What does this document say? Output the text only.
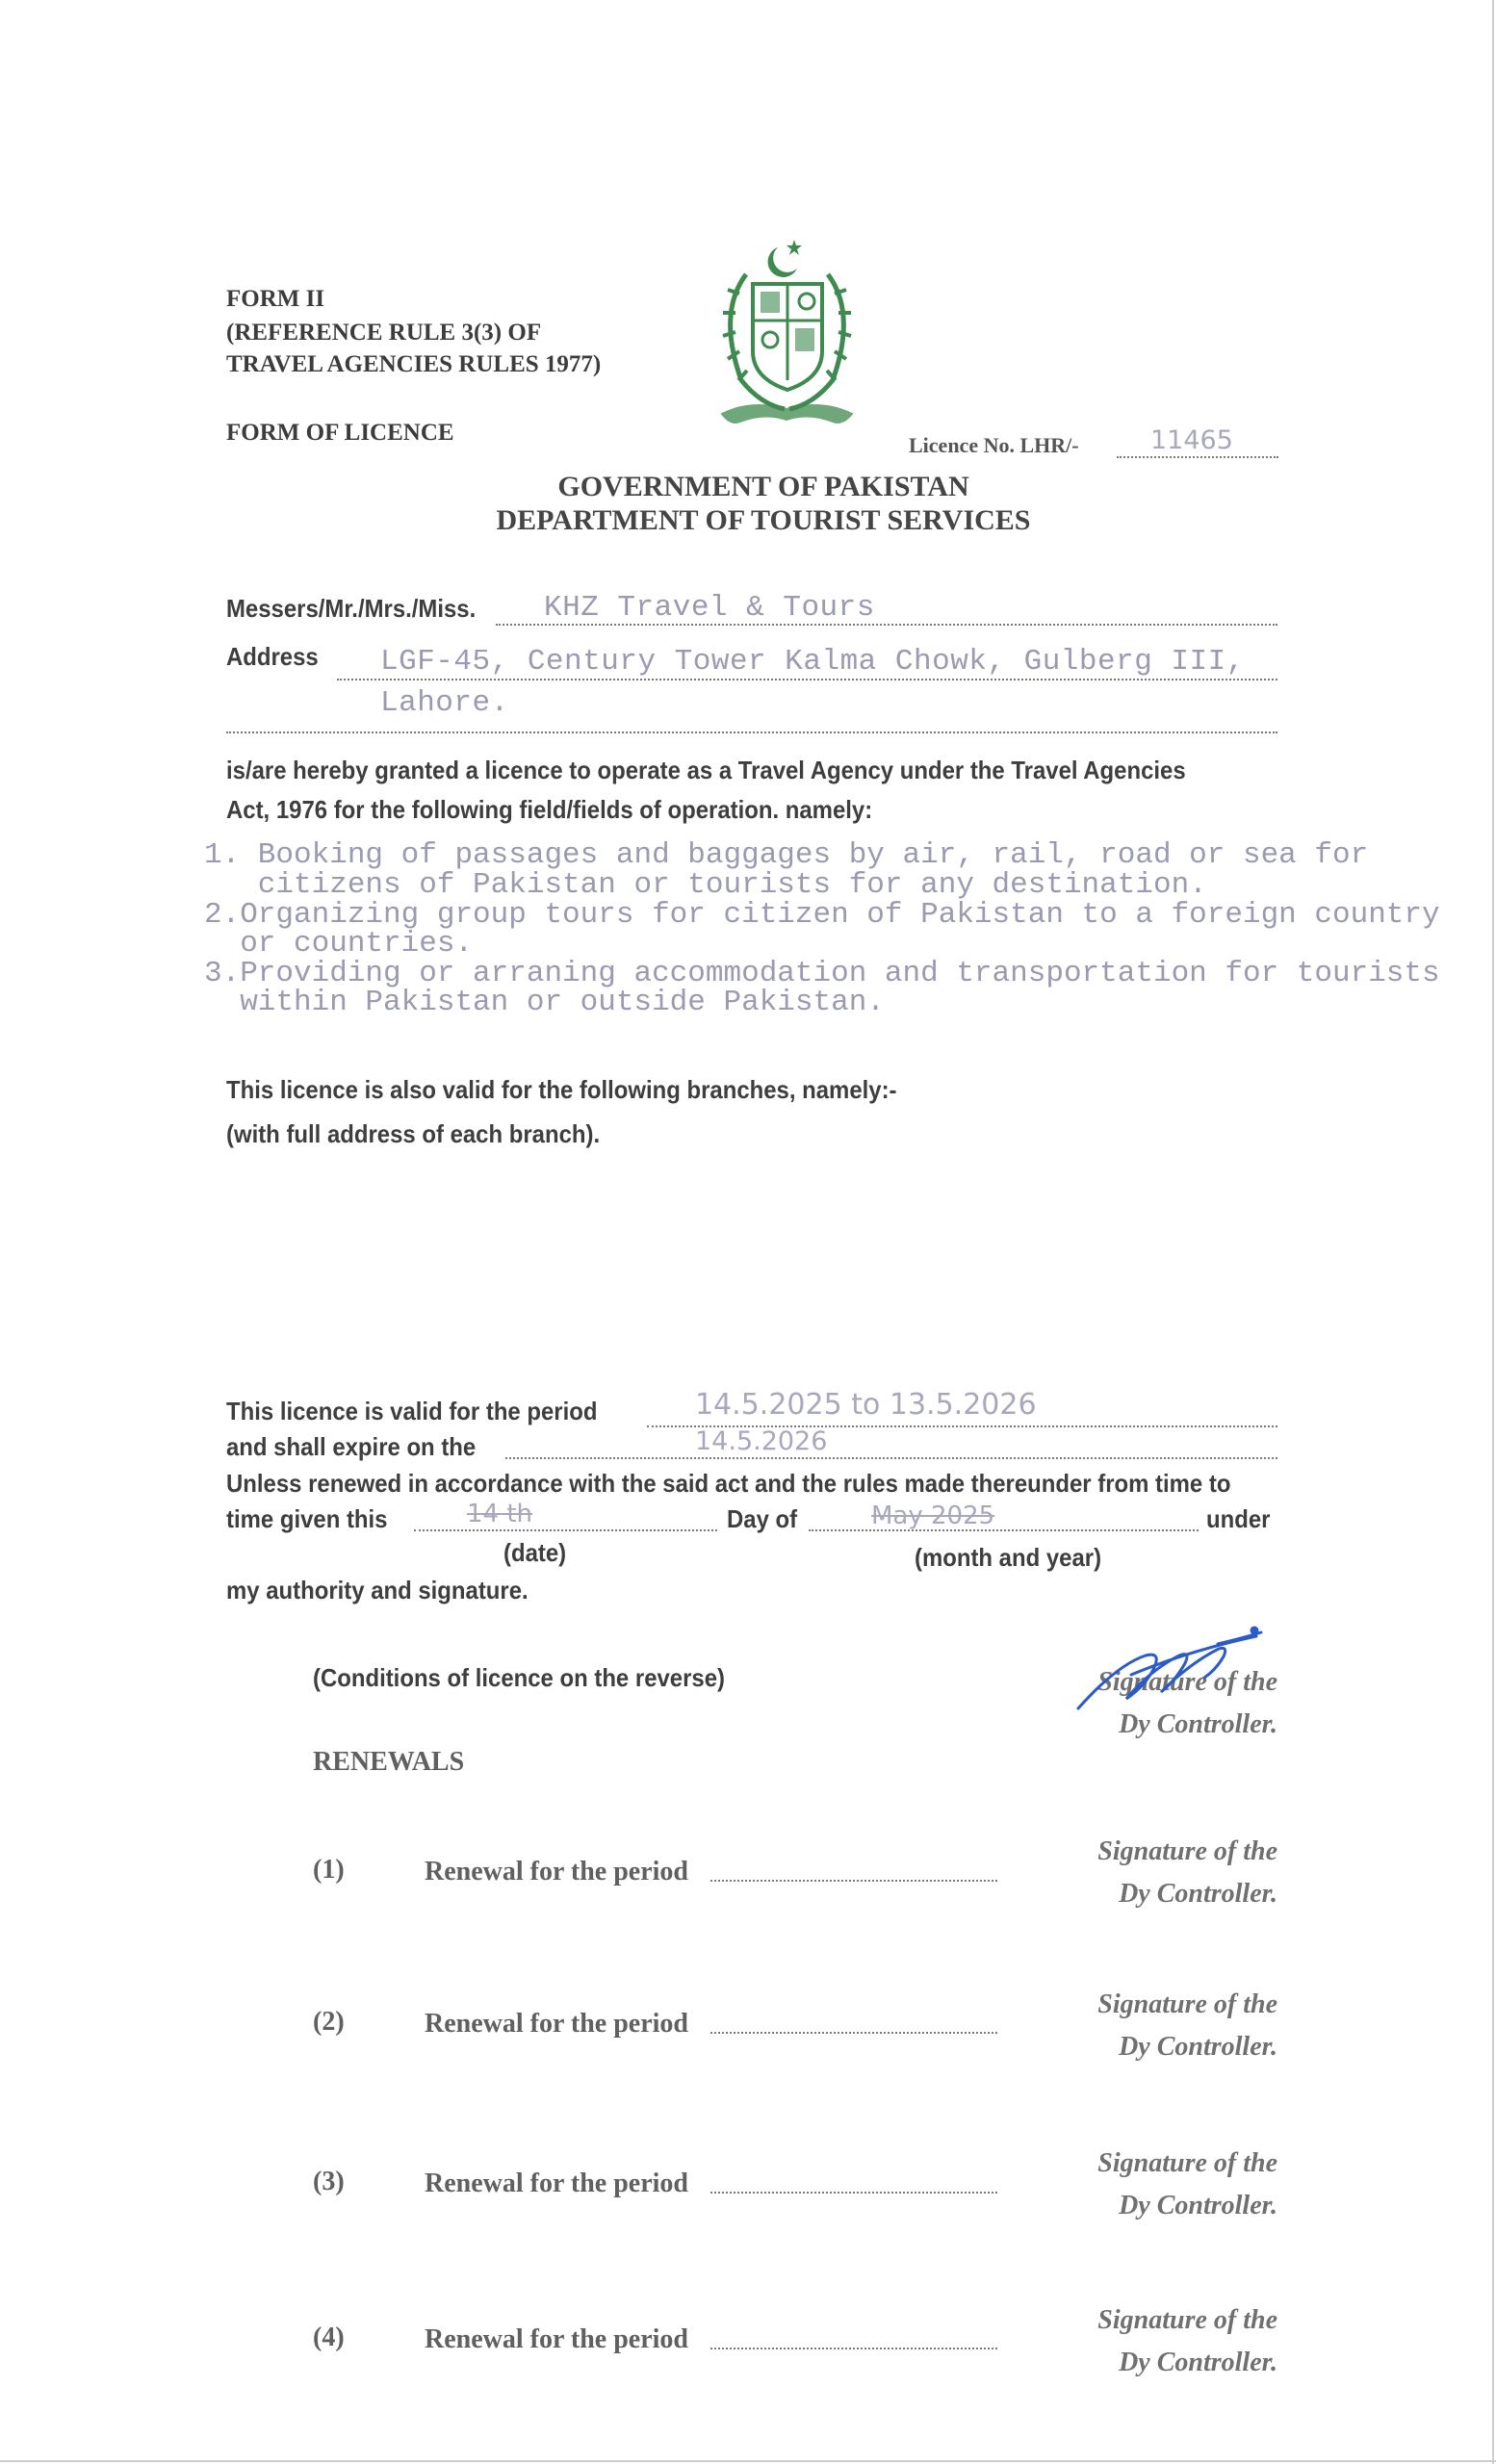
FORM II
(REFERENCE RULE 3(3) OF
TRAVEL AGENCIES RULES 1977)
FORM OF LICENCE	Licence No. LHR/-	11465
GOVERNMENT OF PAKISTAN
DEPARTMENT OF TOURIST SERVICES
Messers/Mr./Mrs./Miss. KHZ Travel & Tours
Address LGF-45, Century Tower Kalma Chowk, Gulberg III,
Lahore.
is/are hereby granted a licence to operate as a Travel Agency under the Travel Agencies
Act, 1976 for the following field/fields of operation. namely:
1. Booking of passages and baggages by air, rail, road or sea for
citizens of Pakistan or tourists for any destination.
2.Organizing group tours for citizen of Pakistan to a foreign country
or countries.
3.Providing or arraning accommodation and transportation for tourists
within Pakistan or outside Pakistan.
This licence is also valid for the following branches, namely:-
(with full address of each branch).
This licence is valid for the period	14.5.2025 to 13.5.2026
and shall expire on the	14.5.2026
Unless renewed in accordance with the said act and the rules made thereunder from time to
time given this	14 th	Day of	May 2025	under
(date)	(month and year)
my authority and signature.
(Conditions of licence on the reverse)	Signature of the
Dy Controller.
RENEWALS
(1)	Renewal for the period
Signature of the
Dy Controller.
(2)	Renewal for the period
Signature of the
Dy Controller.
(3)	Renewal for the period
Signature of the
Dy Controller.
(4)	Renewal for the period
Signature of the
Dy Controller.
